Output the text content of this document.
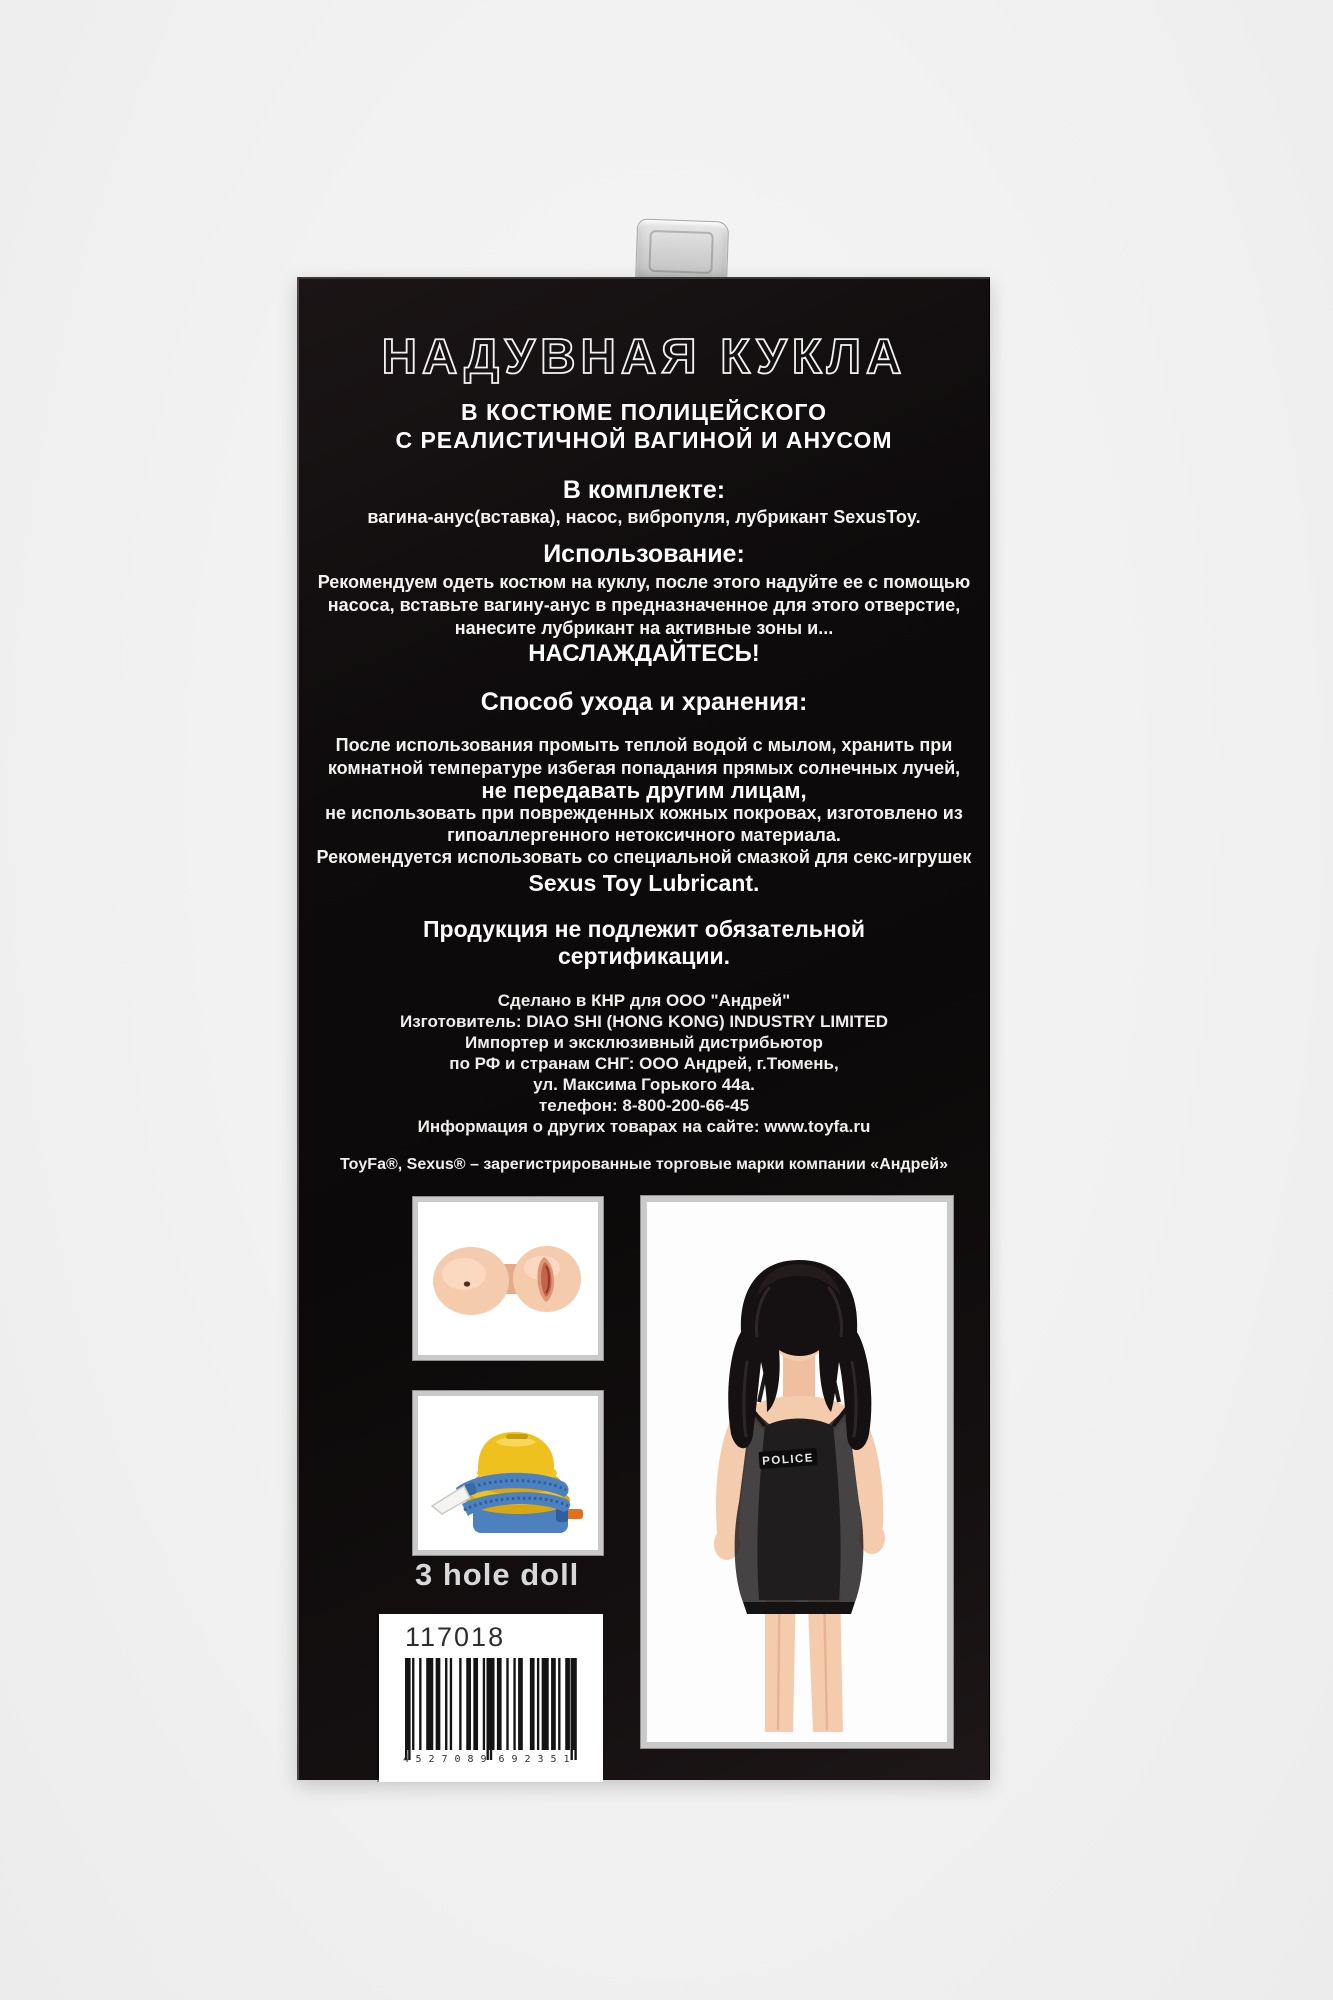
НАДУВНАЯ КУКЛА
В КОСТЮМЕ ПОЛИЦЕЙСКОГО
С РЕАЛИСТИЧНОЙ ВАГИНОЙ И АНУСОМ
В комплекте:
вагина-анус(вставка), насос, вибропуля, лубрикант SexusToy.
Использование:
Рекомендуем одеть костюм на куклу, после этого надуйте ее с помощью
насоса, вставьте вагину-анус в предназначенное для этого отверстие,
нанесите лубрикант на активные зоны и...
НАСЛАЖДАЙТЕСЬ!
Способ ухода и хранения:
После использования промыть теплой водой с мылом, хранить при
комнатной температуре избегая попадания прямых солнечных лучей,
не передавать другим лицам,
не использовать при поврежденных кожных покровах, изготовлено из
гипоаллергенного нетоксичного материала.
Рекомендуется использовать со специальной смазкой для секс-игрушек
Sexus Toy Lubricant.
Продукция не подлежит обязательной
сертификации.
Сделано в КНР для ООО "Андрей"
Изготовитель: DIAO SHI (HONG KONG) INDUSTRY LIMITED
Импортер и эксклюзивный дистрибьютор
по РФ и странам СНГ: ООО Андрей, г.Тюмень,
ул. Максима Горького 44а.
телефон: 8-800-200-66-45
Информация о других товарах на сайте: www.toyfa.ru
ToyFa®, Sexus® – зарегистрированные торговые марки компании «Андрей»
3 hole doll
117018
4 527089 692351
POLICE
